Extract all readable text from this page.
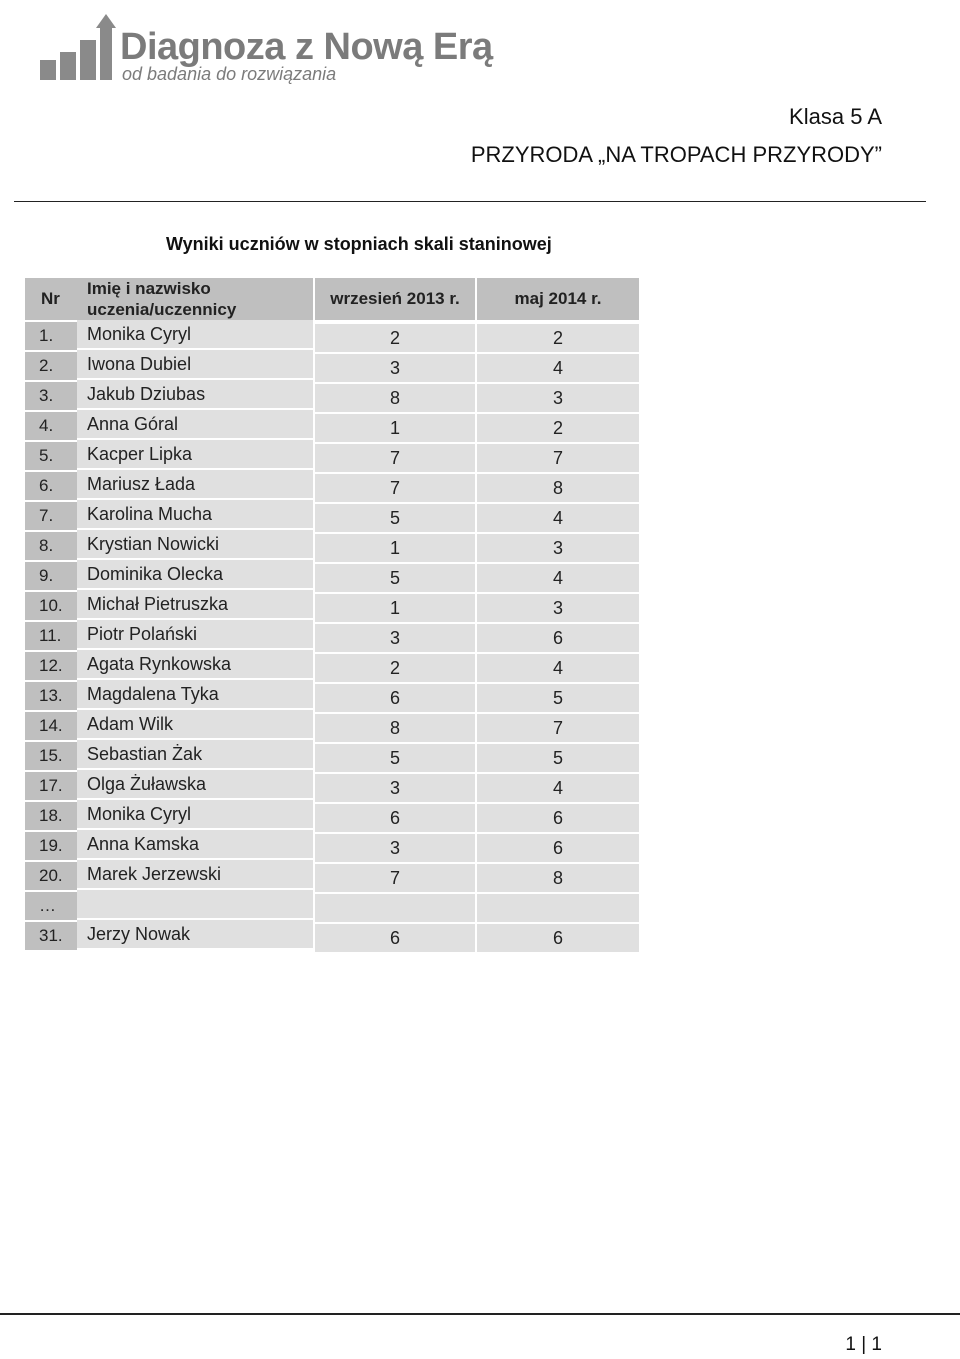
Diagnoza z Nową Erą
od badania do rozwiązania
Klasa 5 A
PRZYRODA „NA TROPACH PRZYRODY”
Wyniki uczniów w stopniach skali staninowej
Nr	Imię i nazwisko uczenia/uczennicy	wrzesień 2013 r.	maj 2014 r.
1.	Monika Cyryl	2	2
2.	Iwona Dubiel	3	4
3.	Jakub Dziubas	8	3
4.	Anna Góral	1	2
5.	Kacper Lipka	7	7
6.	Mariusz Łada	7	8
7.	Karolina Mucha	5	4
8.	Krystian Nowicki	1	3
9.	Dominika Olecka	5	4
10.	Michał Pietruszka	1	3
11.	Piotr Polański	3	6
12.	Agata Rynkowska	2	4
13.	Magdalena Tyka	6	5
14.	Adam Wilk	8	7
15.	Sebastian Żak	5	5
17.	Olga Żuławska	3	4
18.	Monika Cyryl	6	6
19.	Anna Kamska	3	6
20.	Marek Jerzewski	7	8
…			
31.	Jerzy Nowak	6	6
1 | 1
